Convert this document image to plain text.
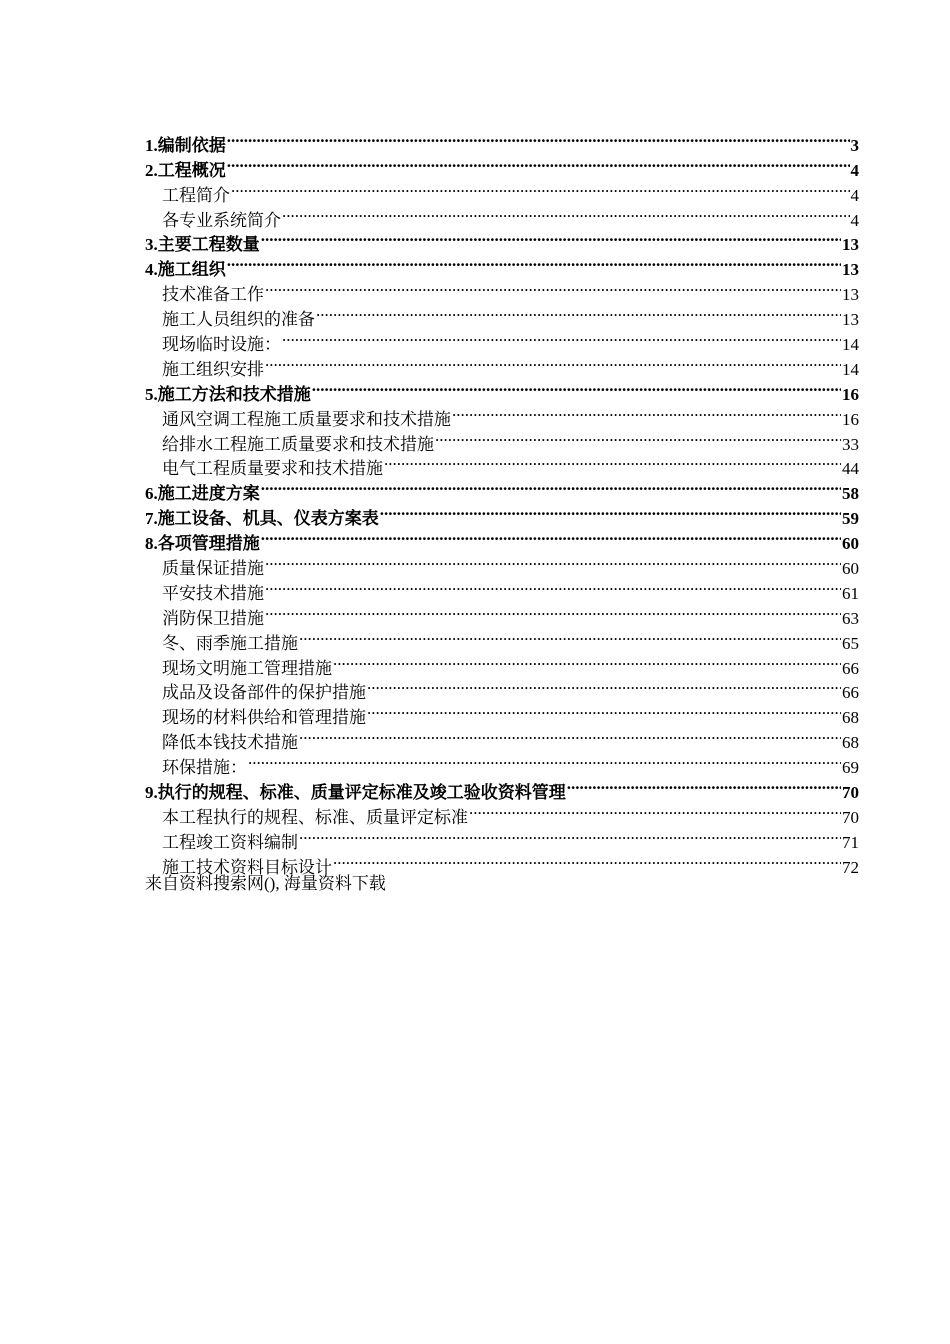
1.编制依据 .....	3
2.工程概况 .....	4
工程简介 .....	4
各专业系统简介 .....	4
3.主要工程数量 .....	13
4.施工组织 .....	13
技术准备工作 .....	13
施工人员组织的准备 .....	13
现场临时设施： .....	14
施工组织安排 .....	14
5.施工方法和技术措施 .....	16
通风空调工程施工质量要求和技术措施 .....	16
给排水工程施工质量要求和技术措施 .....	33
电气工程质量要求和技术措施 .....	44
6.施工进度方案 .....	58
7.施工设备、机具、仪表方案表 .....	59
8.各项管理措施 .....	60
质量保证措施 .....	60
平安技术措施 .....	61
消防保卫措施 .....	63
冬、雨季施工措施 .....	65
现场文明施工管理措施 .....	66
成品及设备部件的保护措施 .....	66
现场的材料供给和管理措施 .....	68
降低本钱技术措施 .....	68
环保措施： .....	69
9.执行的规程、标准、质量评定标准及竣工验收资料管理 .....	70
本工程执行的规程、标准、质量评定标准 .....	70
工程竣工资料编制 .....	71
施工技术资料目标设计 .....	72
来自资料搜索网(), 海量资料下载
